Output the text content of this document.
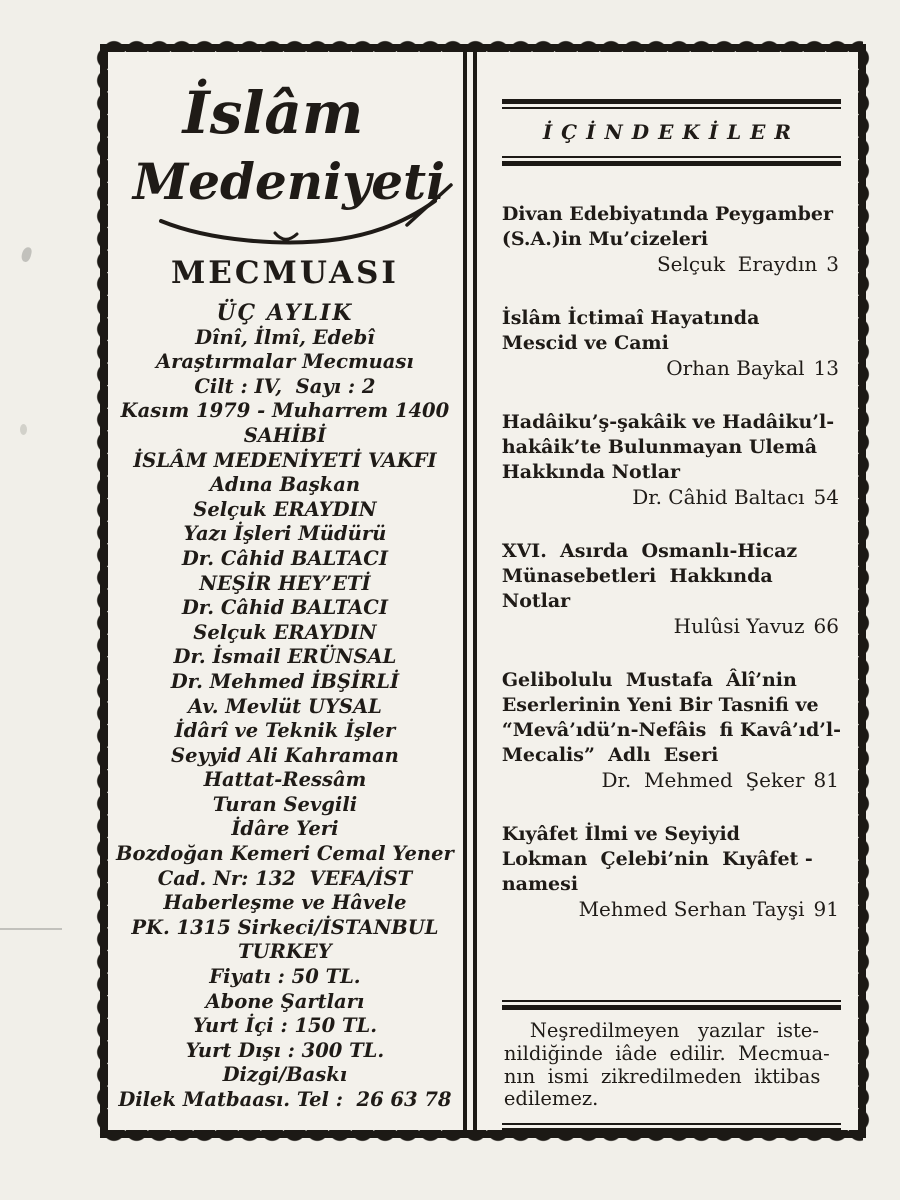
İslâm
Medeniyeti
MECMUASI

ÜÇ AYLIK

Dînî, İlmî, Edebî

Araştırmalar Mecmuası

Cilt : IV,  Sayı : 2

Kasım 1979 - Muharrem 1400

SAHİBİ

İSLÂM MEDENİYETİ VAKFI

Adına Başkan

Selçuk ERAYDIN

Yazı İşleri Müdürü

Dr. Câhid BALTACI

NEŞİR HEY’ETİ

Dr. Câhid BALTACI

Selçuk ERAYDIN

Dr. İsmail ERÜNSAL

Dr. Mehmed İBŞİRLİ

Av. Mevlüt UYSAL

İdârî ve Teknik İşler

Seyyid Ali Kahraman

Hattat-Ressâm

Turan Sevgili

İdâre Yeri

Bozdoğan Kemeri Cemal Yener

Cad. Nr: 132  VEFA/İST

Haberleşme ve Hâvele

PK. 1315 Sirkeci/İSTANBUL

TURKEY

Fiyatı : 50 TL.

Abone Şartları

Yurt İçi : 150 TL.

Yurt Dışı : 300 TL.

Dizgi/Baskı

Dilek Matbaası. Tel :  26 63 78

İÇİNDEKİLER
Divan Edebiyatında Peygamber
(S.A.)in Mu’cizeleri
Selçuk  Eraydın 3
İslâm İctimaî Hayatında
Mescid ve Cami
Orhan Baykal 13
Hadâiku’ş-şakâik ve Hadâiku’l-
hakâik’te Bulunmayan Ulemâ
Hakkında Notlar
Dr. Câhid Baltacı 54
XVI.  Asırda  Osmanlı-Hicaz
Münasebetleri  Hakkında
Notlar
Hulûsi Yavuz 66
Gelibolulu  Mustafa  Âlî’nin
Eserlerinin Yeni Bir Tasnifi ve
“Mevâ’ıdü’n-Nefâis  fi Kavâ’ıd’l-
Mecalis”  Adlı  Eseri
Dr.  Mehmed  Şeker 81
Kıyâfet İlmi ve Seyiyid
Lokman  Çelebi’nin  Kıyâfet -
namesi
Mehmed Serhan Tayşi 91
Neşredilmeyen   yazılar  iste-
nildiğinde  iâde  edilir.  Mecmua-
nın  ismi  zikredilmeden  iktibas
edilemez.
